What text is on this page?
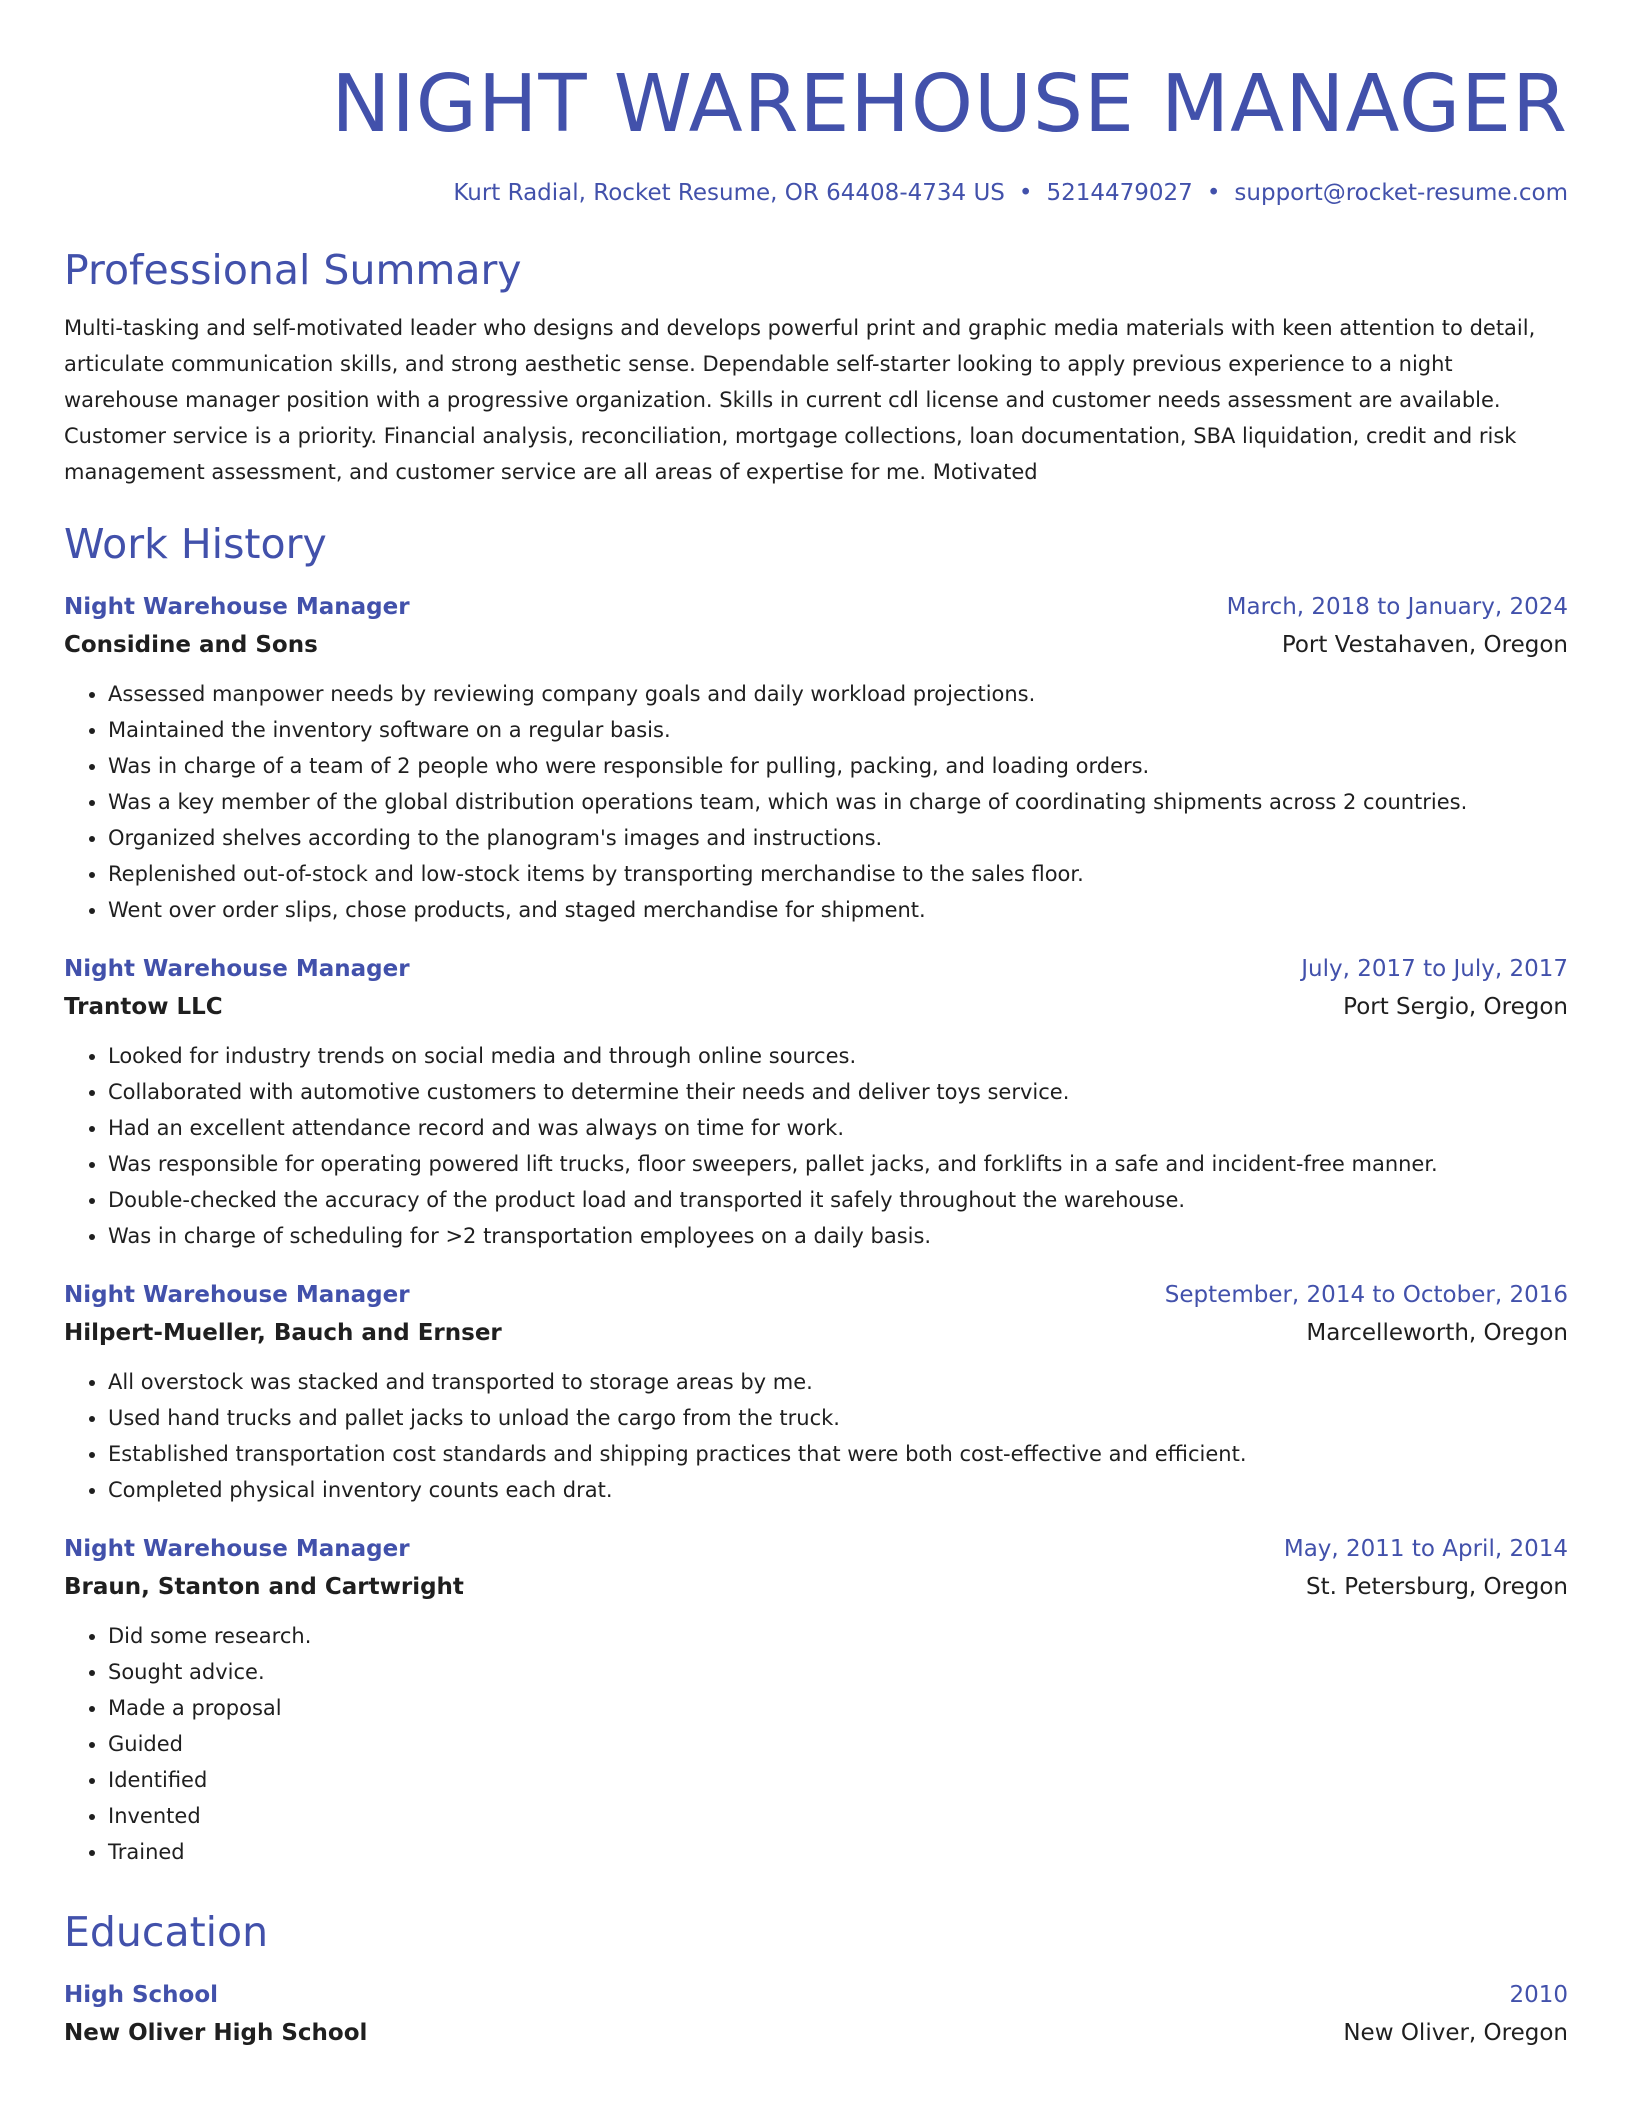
NIGHT WAREHOUSE MANAGER
Kurt Radial, Rocket Resume, OR 64408-4734 US • 5214479027 • support@rocket-resume.com
Professional Summary
Multi-tasking and self-motivated leader who designs and develops powerful print and graphic media materials with keen attention to detail, articulate communication skills, and strong aesthetic sense. Dependable self-starter looking to apply previous experience to a night warehouse manager position with a progressive organization. Skills in current cdl license and customer needs assessment are available. Customer service is a priority. Financial analysis, reconciliation, mortgage collections, loan documentation, SBA liquidation, credit and risk management assessment, and customer service are all areas of expertise for me. Motivated
Work History
Night Warehouse Manager	March, 2018 to January, 2024
Considine and Sons	Port Vestahaven, Oregon
• Assessed manpower needs by reviewing company goals and daily workload projections.
• Maintained the inventory software on a regular basis.
• Was in charge of a team of 2 people who were responsible for pulling, packing, and loading orders.
• Was a key member of the global distribution operations team, which was in charge of coordinating shipments across 2 countries.
• Organized shelves according to the planogram's images and instructions.
• Replenished out-of-stock and low-stock items by transporting merchandise to the sales floor.
• Went over order slips, chose products, and staged merchandise for shipment.
Night Warehouse Manager	July, 2017 to July, 2017
Trantow LLC	Port Sergio, Oregon
• Looked for industry trends on social media and through online sources.
• Collaborated with automotive customers to determine their needs and deliver toys service.
• Had an excellent attendance record and was always on time for work.
• Was responsible for operating powered lift trucks, floor sweepers, pallet jacks, and forklifts in a safe and incident-free manner.
• Double-checked the accuracy of the product load and transported it safely throughout the warehouse.
• Was in charge of scheduling for >2 transportation employees on a daily basis.
Night Warehouse Manager	September, 2014 to October, 2016
Hilpert-Mueller, Bauch and Ernser	Marcelleworth, Oregon
• All overstock was stacked and transported to storage areas by me.
• Used hand trucks and pallet jacks to unload the cargo from the truck.
• Established transportation cost standards and shipping practices that were both cost-effective and efficient.
• Completed physical inventory counts each drat.
Night Warehouse Manager	May, 2011 to April, 2014
Braun, Stanton and Cartwright	St. Petersburg, Oregon
• Did some research.
• Sought advice.
• Made a proposal
• Guided
• Identified
• Invented
• Trained
Education
High School	2010
New Oliver High School	New Oliver, Oregon
